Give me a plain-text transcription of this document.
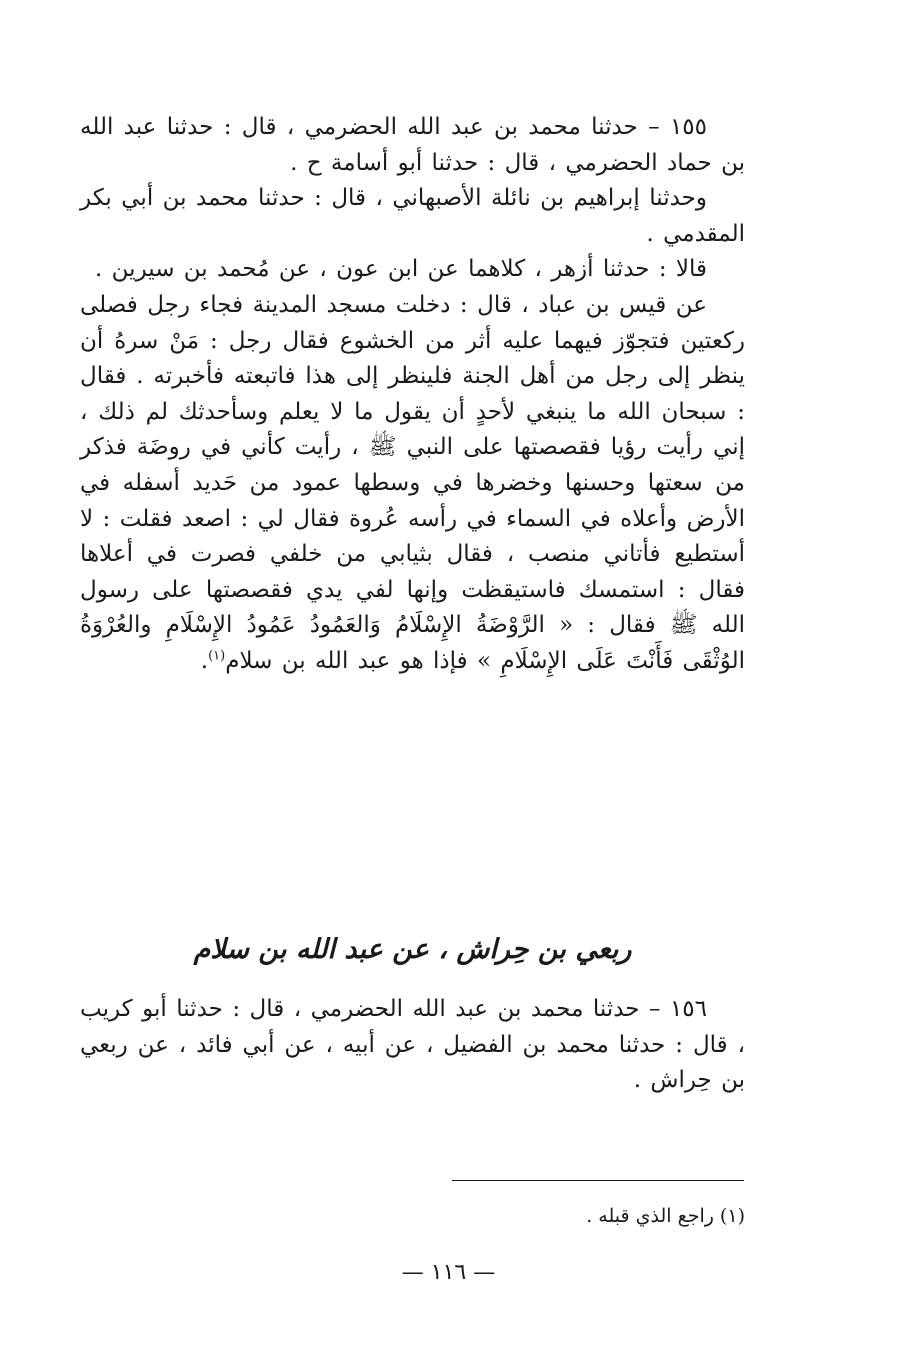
١٥٥ – حدثنا محمد بن عبد الله الحضرمي ، قال : حدثنا عبد الله بن حماد الحضرمي ، قال : حدثنا أبو أسامة ح .

وحدثنا إبراهيم بن نائلة الأصبهاني ، قال : حدثنا محمد بن أبي بكر المقدمي .

قالا : حدثنا أزهر ، كلاهما عن ابن عون ، عن مُحمد بن سيرين .

عن قيس بن عباد ، قال : دخلت مسجد المدينة فجاء رجل فصلى ركعتين فتجوّز فيهما عليه أثر من الخشوع فقال رجل : مَنْ سرهُ أن ينظر إلى رجل من أهل الجنة فلينظر إلى هذا فاتبعته فأخبرته . فقال : سبحان الله ما ينبغي لأحدٍ أن يقول ما لا يعلم وسأحدثك لم ذلك ، إني رأيت رؤيا فقصصتها على النبي ﷺ ، رأيت كأني في روضَة فذكر من سعتها وحسنها وخضرها في وسطها عمود من حَديد أسفله في الأرض وأعلاه في السماء في رأسه عُروة فقال لي : اصعد فقلت : لا أستطيع فأتاني منصب ، فقال بثيابي من خلفي فصرت في أعلاها فقال : استمسك فاستيقظت وإنها لفي يدي فقصصتها على رسول الله ﷺ فقال : « الرَّوْضَةُ الإِسْلَامُ وَالعَمُودُ عَمُودُ الإِسْلَامِ والعُرْوَةُ الوُثْقَى فَأَنْتَ عَلَى الإِسْلَامِ » فإذا هو عبد الله بن سلام$^{(١)}$.

ربعي بن حِراش ، عن عبد الله بن سلام

١٥٦ – حدثنا محمد بن عبد الله الحضرمي ، قال : حدثنا أبو كريب ، قال : حدثنا محمد بن الفضيل ، عن أبيه ، عن أبي فائد ، عن ربعي بن حِراش .

(١) راجع الذي قبله .
— ١١٦ —
